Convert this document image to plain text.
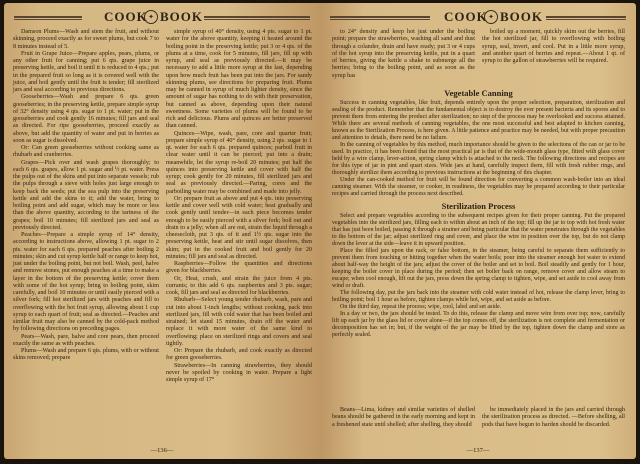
COOK ✦ BOOK

Damson Plums—Wash and stem the fruit, and without skinning, proceed exactly as for sweet plums, but cook 7 to 8 minutes instead of 5.

Fruit in Grape Juice—Prepare apples, pears, plums, or any other fruit for canning; put 6 qts. grape juice in preserving kettle, and boil it until it is reduced to 4 qts.; put in the prepared fruit so long as it is covered well with the juice, and boil gently until the fruit is tender; fill sterilized jars and seal according to previous directions.

Gooseberries—Wash and prepare 6 qts. green gooseberries; in the preserving kettle, prepare simple syrup of 32° density using 4 qts. sugar to 1 pt. water; put in the gooseberries and cook gently 16 minutes; fill jars and seal as directed. For ripe gooseberries, proceed exactly as above, but add the quantity of water and put in berries as soon as sugar is dissolved.

Or: Can green gooseberries without cooking same as rhubarb and cranberries.

Grapes—Pick over and wash grapes thoroughly; to each 6 qts. grapes, allow 1 pt. sugar and ½ pt. water. Press the pulps out of the skins and put into separate vessels; rub the pulps through a sieve with holes just large enough to keep back the seeds; put the sea pulp into the preserving kettle and add the skins to it; add the water, bring to boiling point and add sugar, which may be more or less than the above quantity, according to the tartness of the grapes; boil 10 minutes; fill sterilized jars and seal as previously directed.

Peaches—Prepare a simple syrup of 14° density, according to instructions above, allowing 1 pt. sugar to 2 pts. water for each 6 qts. prepared peaches after boiling 2 minutes; skin and cut syrup kettle half or range to keep hot, just under the boiling point, but not boil. Wash, peel, halve and remove stones, put enough peaches at a time to make a layer in the bottom of the preserving kettle; cover them with some of the hot syrup; bring to boiling point, skim carefully, and boil 10 minutes or until easily pierced with a silver fork; fill hot sterilized jars with peaches and fill to overflowing with the hot fruit syrup, allowing about 1 cup syrup to each quart of fruit; seal as directed.—Peaches and similar fruit may also be canned by the cold-pack method by following directions on preceding pages.

Pears—Wash, pare, halve and core pears, then proceed exactly the same as with peaches.

Plums—Wash and prepare 6 qts. plums, with or without skins removed; prepare

simple syrup of 40° density, using 4 pts. sugar to 1 pt. water for the above quantity, keeping it heated around the boiling point in the preserving kettle; put 3 or 4 qts. of the plums at a time, cook for 5 minutes, fill jars, fill up with syrup, and seal as previously directed.—It may be necessary to add a little more syrup at the last, depending upon how much fruit has been put into the jars. For sandy skinning plums, see directions for preparing fruit. Plums may be canned in syrup of much lighter density, since the amount of sugar has nothing to do with their preservation, but canned as above, depending upon their natural sweetness. Some varieties of plums will be found to be rich and delicious. Plums and quinces are better preserved than canned.

Quinces—Wipe, wash, pare, core and quarter fruit; prepare simple syrup of 40° density, using 2 qts. sugar to 1 qt. water for each 6 qts. prepared quinces; parboil fruit in clear water until it can be pierced; put into a drain; meanwhile, let the syrup re-boil 20 minutes; put half the quinces into preserving kettle and cover with half the syrup; cook gently for 20 minutes, fill sterilized jars and seal as previously directed.—Paring, cores and the parboiling water may be combined and made into jelly.

Or: prepare fruit as above and put 4 qts. into preserving kettle and cover well with cold water; heat gradually and cook gently until tender—in each piece becomes tender enough to be easily pierced with a silver fork; boil out and drain to a jelly; when all are out, strain the liquid through a cheesecloth, put 3 qts. of it and 1½ qts. sugar into the preserving kettle, heat and stir until sugar dissolves, then skim; put in the cooked fruit and boil gently for 20 minutes; fill jars and seal as directed.

Raspberries—Follow the quantities and directions given for blackberries.

Or, Heat, crush, and strain the juice from 4 pts. currants; to this add 6 qts. raspberries and 3 pts. sugar; cook, fill jars and seal as directed for blackberries.

Rhubarb—Select young tender rhubarb, wash, pare and cut into about 1-inch lengths; without cooking, pack into sterilized jars, fill with cold water that has been boiled and strained; let stand 15 minutes, drain off the water and replace it with more water of the same kind to overflowing; place on sterilized rings and covers and seal tightly.

Or: Prepare the rhubarb, and cook exactly as directed for green gooseberries.

Strawberries—In canning strawberries, they should never be spoiled by cooking in water. Prepare a light simple syrup of 17°

—136—
COOK ✦ BOOK

to 24° density and keep hot just under the boiling point; prepare the strawberries, washing all sand and dust through a colander, drain and have ready; put 3 or 4 cups of the hot syrup into the preserving kettle, put in a quart of berries, giving the kettle a shake to submerge all the berries; bring to the boiling point, and as soon as the syrup has

boiled up a moment, quickly skim out the berries, fill the hot sterilized jar, fill to overflowing with boiling syrup, seal, invert, and cool. Put in a little more syrup, and another quart of berries and repeat.—About 1 qt. of syrup to the gallon of strawberries will be required.

Vegetable Canning

Success in canning vegetables, like fruit, depends entirely upon the proper selection, preparation, sterilization and sealing of the product. Remember that the fundamental object is to destroy the ever present bacteria and its spores and to prevent them from entering the product after sterilization; no step of the process may be overlooked and success attained. While there are several methods of canning vegetables, the one most successful and best adapted to kitchen canning, known as the Sterilization Process, is here given. A little patience and practice may be needed, but with proper precaution and attention to details, there need be no failure.

In the canning of vegetables by this method, much importance should be given to the selections of the can or jar to be used. In practice, it has been found that the most practical jar is that of the wide-mouth glass type, fitted with glass cover held by a wire clamp, lever-action, spring clamp which is attached to the neck. The following directions and recipes are for this type of jar in pint and quart sizes. Wide jars at hand, carefully inspect them, fill with fresh rubber rings, and thoroughly sterilize them according to previous instructions at the beginning of this chapter.

Under the can-cooked method for fruit will be found direction for converting a common wash-boiler into an ideal canning steamer. With the steamer, or cooker, in readiness, the vegetables may be prepared according to their particular recipes and carried through the process next described.

Sterilization Process

Select and prepare vegetables according to the subsequent recipes given for their proper canning. Put the prepared vegetables into the sterilized jars, filling each to within about an inch of the top; fill up the jar to top with hot fresh water that has just been boiled, passing it through a strainer and being particular that the water penetrates through the vegetables to the bottom of the jar; adjust sterilized ring and cover, and place the wire in position over the top, but do not clamp down the lever at the side—leave it in upward position.

Place the filled jars upon the rack, or false bottom, in the steamer, being careful to separate them sufficiently to prevent them from touching or hitting together when the water boils; pour into the steamer enough hot water to extend about half-way the height of the jars; adjust the cover of the boiler and set to boil. Boil steadily and gently for 1 hour, keeping the boiler cover in place during the period; then set boiler back on range, remove cover and allow steam to escape; when cool enough, lift out the jars, press down the spring clamp to tighten, wipe, and set aside to cool away from wind or draft.

The following day, put the jars back into the steamer with cold water instead of hot, release the clamp lever, bring to boiling point; boil 1 hour as before, tighten clamps while hot, wipe, and set aside as before.

On the third day, repeat the process; wipe, cool, label and set aside.

In a day or two, the jars should be tested. To do this, release the clamp and move wire from over top; now, carefully lift up each jar by the glass lid or cover alone—if the top comes off, the sterilization is not complete and fermentation or decomposition has set in; but, if the weight of the jar may be lifted by the top, tighten down the clamp and store as perfectly sealed.

Beans—Lima, kidney and similar varieties of shelled beans should be gathered in the early morning and kept in a freshened state until shelled; after shelling, they should

be immediately placed in the jars and carried through the sterilization process as directed. —Before shelling, all pods that have begun to harden should be discarded.

—137—
